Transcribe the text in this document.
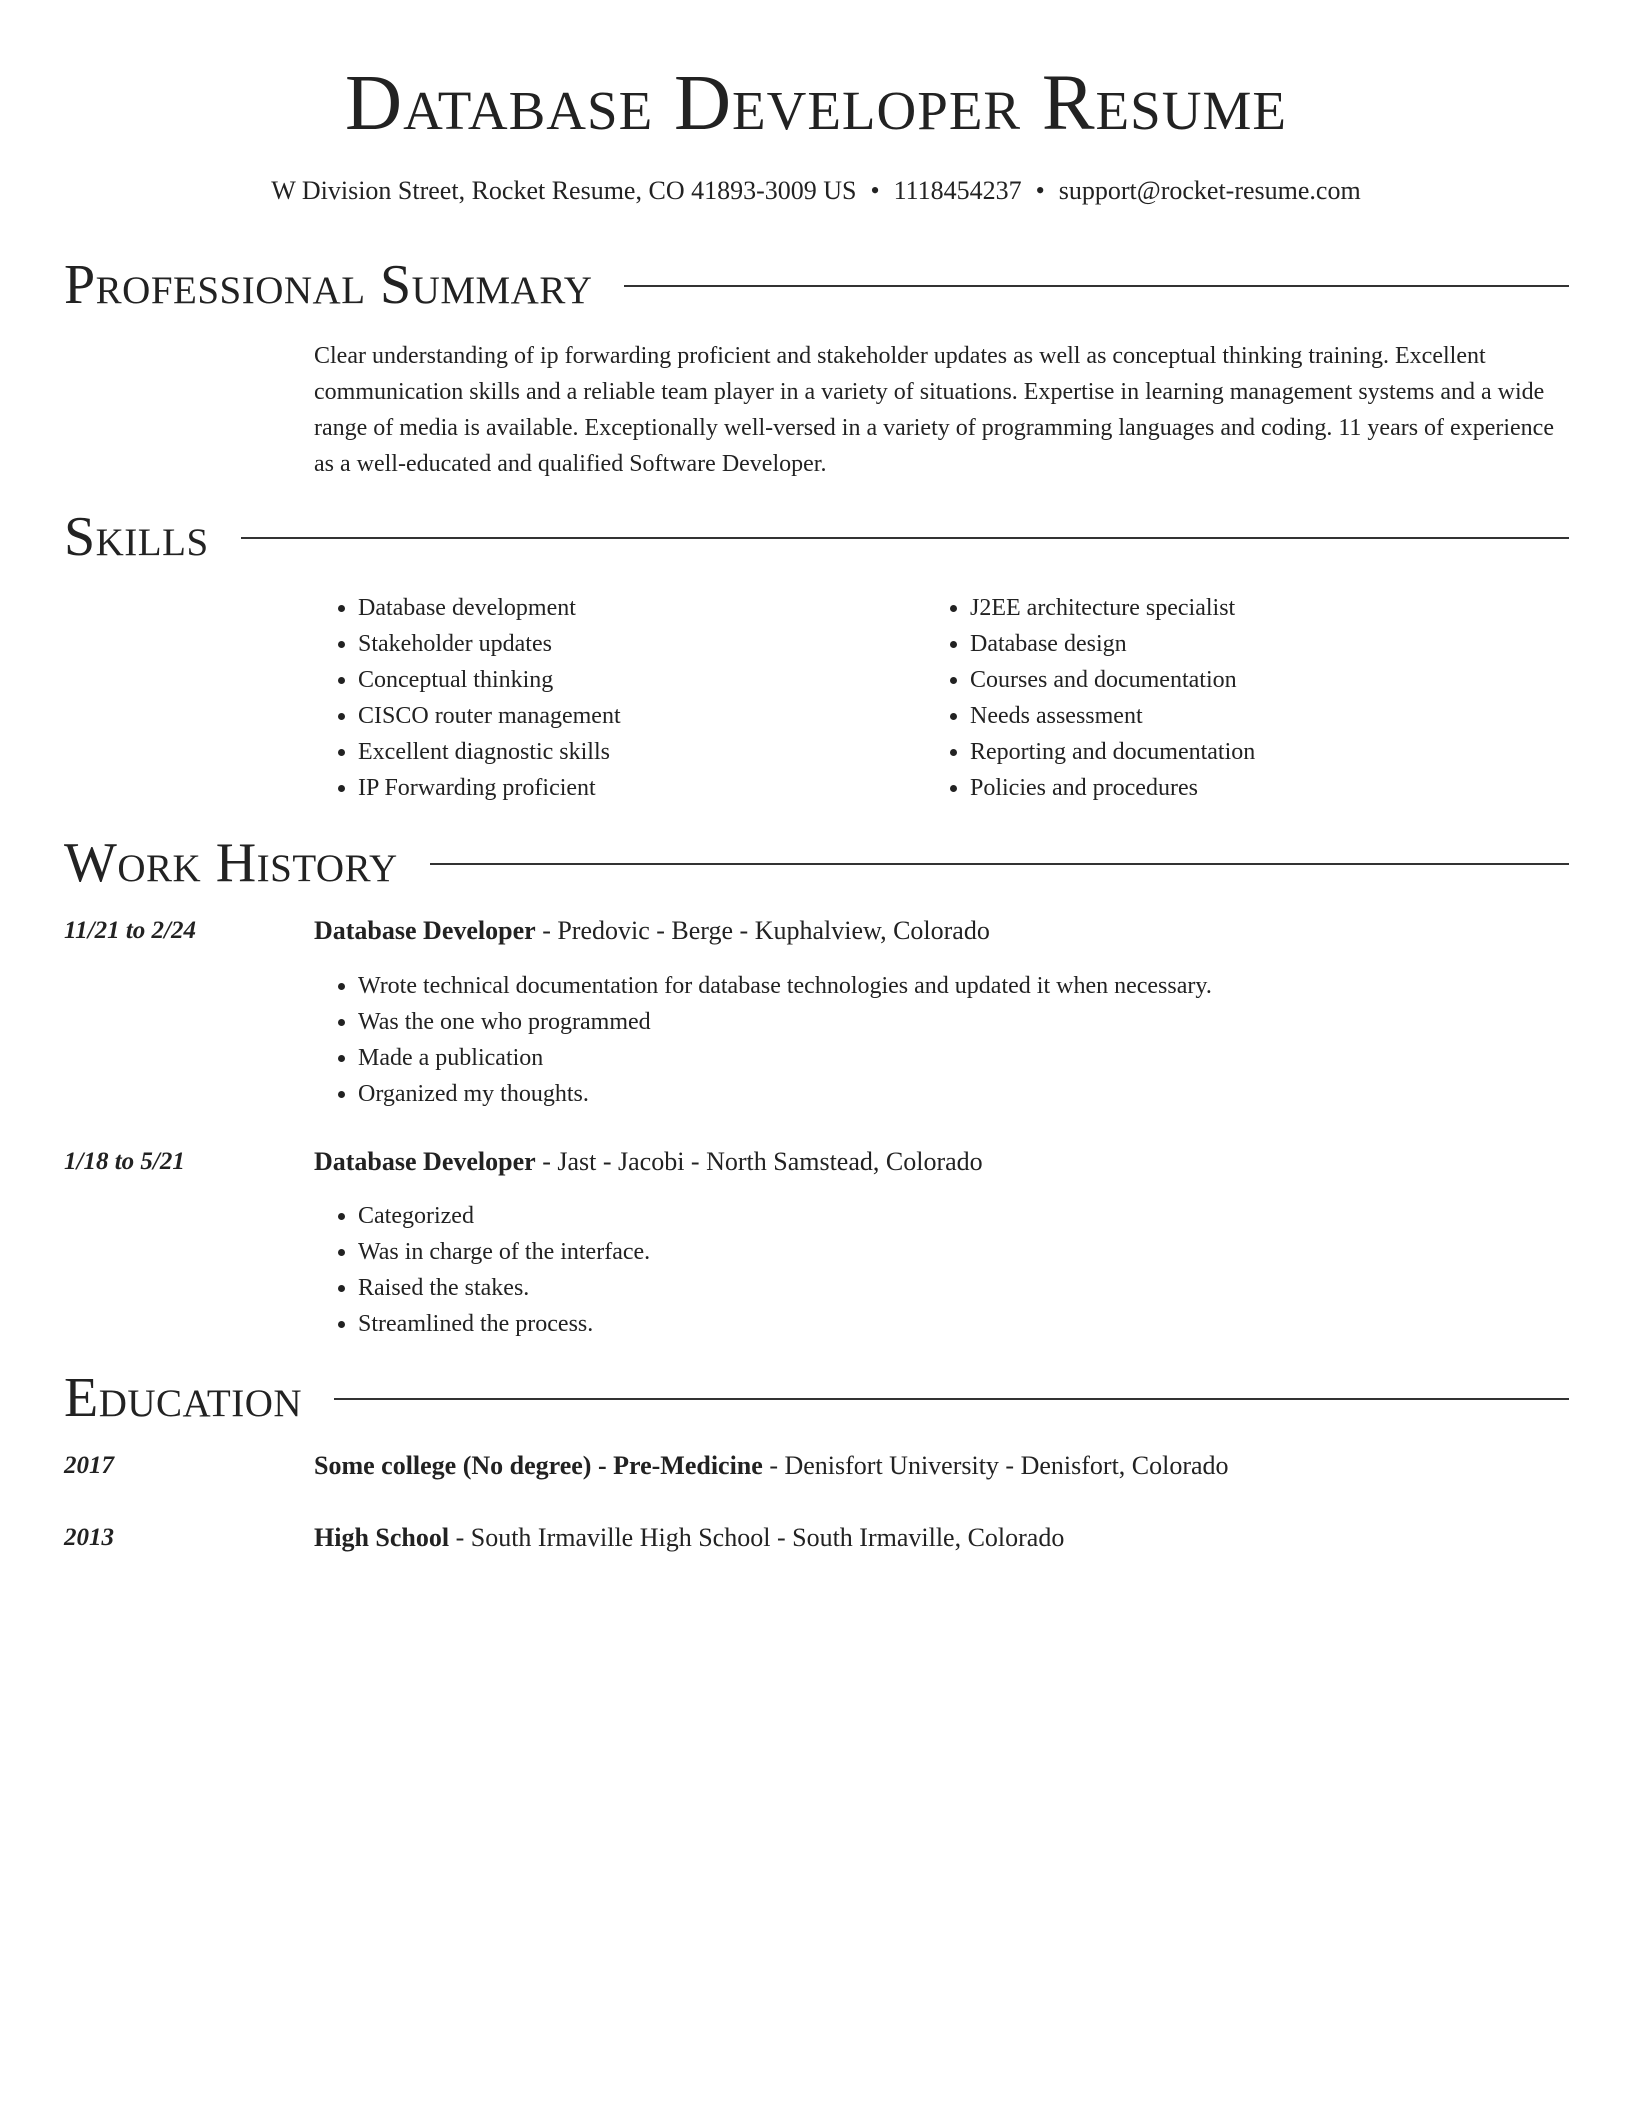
Database Developer Resume
W Division Street, Rocket Resume, CO 41893-3009 US • 1118454237 • support@rocket-resume.com
Professional Summary

Clear understanding of ip forwarding proficient and stakeholder updates as well as conceptual thinking training. Excellent communication skills and a reliable team player in a variety of situations. Expertise in learning management systems and a wide range of media is available. Exceptionally well-versed in a variety of programming languages and coding. 11 years of experience as a well-educated and qualified Software Developer.

Skills
• Database development
• Stakeholder updates
• Conceptual thinking
• CISCO router management
• Excellent diagnostic skills
• IP Forwarding proficient
• J2EE architecture specialist
• Database design
• Courses and documentation
• Needs assessment
• Reporting and documentation
• Policies and procedures
Work History
11/21 to 2/24	Database Developer - Predovic - Berge - Kuphalview, Colorado
• Wrote technical documentation for database technologies and updated it when necessary.
• Was the one who programmed
• Made a publication
• Organized my thoughts.
1/18 to 5/21	Database Developer - Jast - Jacobi - North Samstead, Colorado
• Categorized
• Was in charge of the interface.
• Raised the stakes.
• Streamlined the process.
Education
2017	Some college (No degree) - Pre-Medicine - Denisfort University - Denisfort, Colorado
2013	High School - South Irmaville High School - South Irmaville, Colorado
